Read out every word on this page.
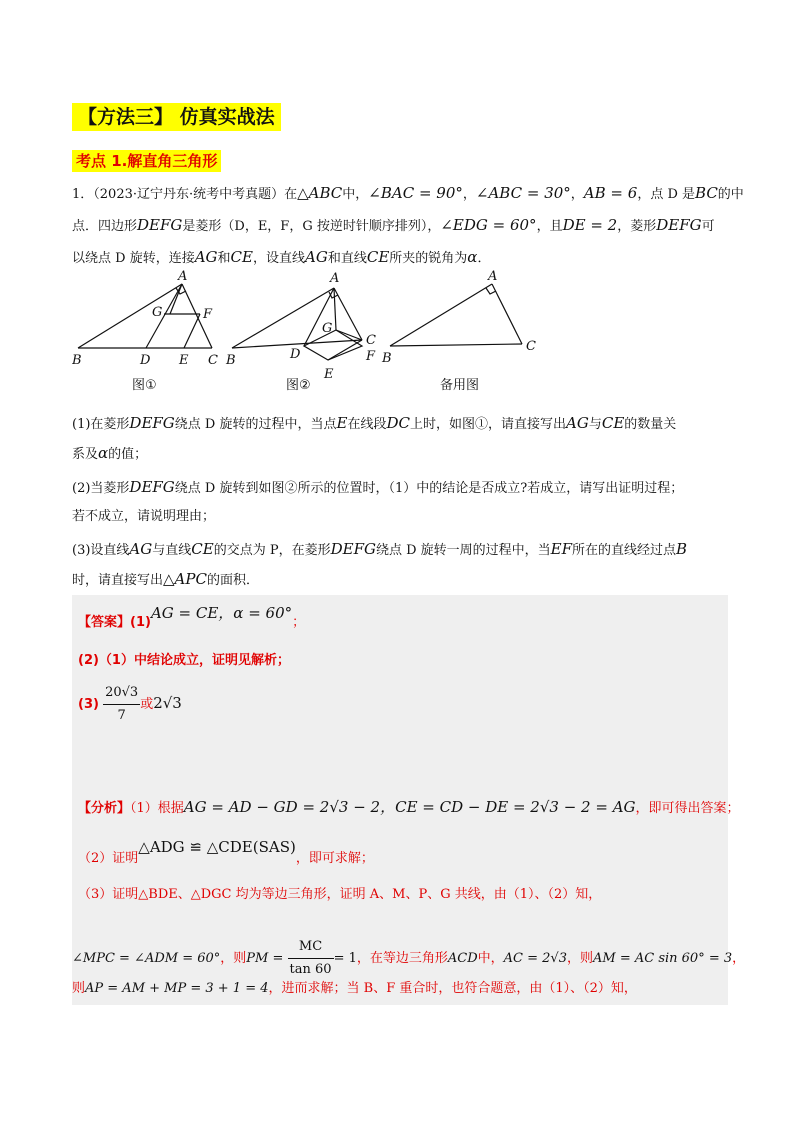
【方法三】 仿真实战法
考点 1.解直角三角形
1．（2023·辽宁丹东·统考中考真题）在△ABC中，∠BAC = 90°，∠ABC = 30°，AB = 6，点 D 是BC的中
点．四边形DEFG是菱形（D，E，F，G 按逆时针顺序排列），∠EDG = 60°，且DE = 2，菱形DEFG可
以绕点 D 旋转，连接AG和CE，设直线AG和直线CE所夹的锐角为α．
A
G	F
B	D E C
A
G
C
F
B	D
E
A
B
C
图①	图②	备用图
(1)在菱形DEFG绕点 D 旋转的过程中，当点E在线段DC上时，如图①，请直接写出AG与CE的数量关
系及α的值；
(2)当菱形DEFG绕点 D 旋转到如图②所示的位置时，（1）中的结论是否成立?若成立，请写出证明过程；
若不成立，请说明理由；
(3)设直线AG与直线CE的交点为 P，在菱形DEFG绕点 D 旋转一周的过程中，当EF所在的直线经过点B
时，请直接写出△APC的面积．
【答案】(1)AG = CE，α = 60°；
(2)（1）中结论成立，证明见解析；
$(3) \frac{20√3}{7}$ 或2√3
【分析】（1）根据AG = AD − GD = 2√3 − 2，CE = CD − DE = 2√3 − 2 = AG，即可得出答案；
（2）证明△ADG ≌ △CDE(SAS)，即可求解；
（3）证明△BDE、△DGC 均为等边三角形，证明 A、M、P、G 共线，由（1）、（2）知，
∠MPC = ∠ADM = 60°，则PM = $\frac{MC}{\tan 60} = 1$，在等边三角形ACD中，AC = 2√3，则AM = AC sin 60° = 3，
则AP = AM + MP = 3 + 1 = 4，进而求解；当 B、F 重合时，也符合题意，由（1）、（2）知，
